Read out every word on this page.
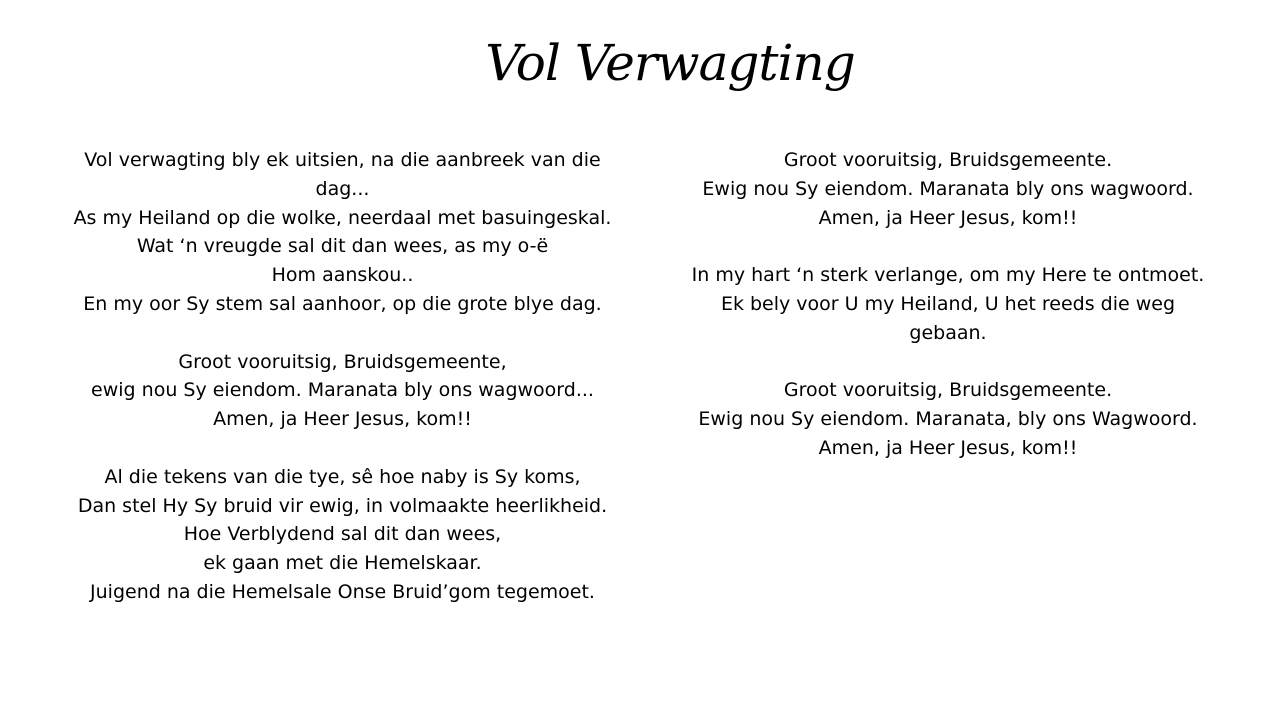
Vol Verwagting
Vol verwagting bly ek uitsien, na die aanbreek van die dag...
As my Heiland op die wolke, neerdaal met basuingeskal.
Wat ‘n vreugde sal dit dan wees, as my o-ë
Hom aanskou..
En my oor Sy stem sal aanhoor, op die grote blye dag.
Groot vooruitsig, Bruidsgemeente,
ewig nou Sy eiendom. Maranata bly ons wagwoord...
Amen, ja Heer Jesus, kom!!
Al die tekens van die tye, sê hoe naby is Sy koms,
Dan stel Hy Sy bruid vir ewig, in volmaakte heerlikheid.
Hoe Verblydend sal dit dan wees,
ek gaan met die Hemelskaar.
Juigend na die Hemelsale Onse Bruid’gom tegemoet.
Groot vooruitsig, Bruidsgemeente.
Ewig nou Sy eiendom. Maranata bly ons wagwoord.
Amen, ja Heer Jesus, kom!!
In my hart ‘n sterk verlange, om my Here te ontmoet.
Ek bely voor U my Heiland, U het reeds die weg gebaan.
Groot vooruitsig, Bruidsgemeente.
Ewig nou Sy eiendom. Maranata, bly ons Wagwoord.
Amen, ja Heer Jesus, kom!!
